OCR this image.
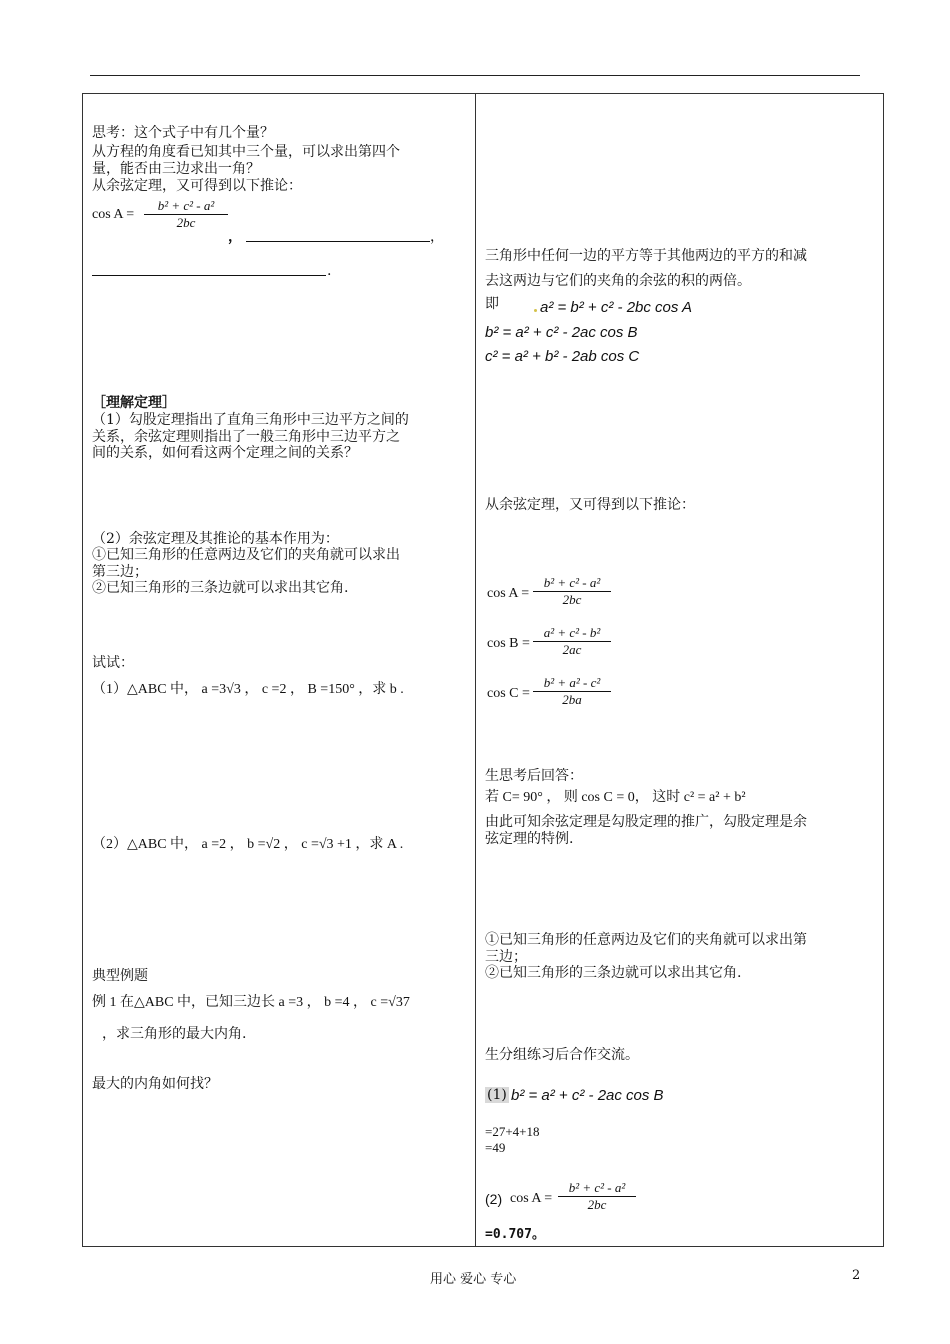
思考：这个式子中有几个量？
从方程的角度看已知其中三个量，可以求出第四个
量，能否由三边求出一角？
从余弦定理，又可得到以下推论：
cos A =
b² + c² - a²
2bc
，	，
.
［理解定理］
（1）勾股定理指出了直角三角形中三边平方之间的
关系，余弦定理则指出了一般三角形中三边平方之
间的关系，如何看这两个定理之间的关系？
（2）余弦定理及其推论的基本作用为：
①已知三角形的任意两边及它们的夹角就可以求出
第三边；
②已知三角形的三条边就可以求出其它角.
试试：
（1）△ABC 中， a =3√3 ， c =2 ， B =150° ，求 b .
（2）△ABC 中， a =2 ， b =√2 ， c =√3 +1 ，求 A .
典型例题
例 1 在△ABC 中，已知三边长 a =3 ， b =4 ， c =√37
，求三角形的最大内角.
最大的内角如何找？
三角形中任何一边的平方等于其他两边的平方的和减
去这两边与它们的夹角的余弦的积的两倍。
即	a² = b² + c² - 2bc cos A
b² = a² + c² - 2ac cos B
c² = a² + b² - 2ab cos C
从余弦定理，又可得到以下推论：
cos A =
b² + c² - a²
2bc
cos B =
a² + c² - b²
2ac
cos C =
b² + a² - c²
2ba
生思考后回答：
若 C= 90° ， 则 cos C = 0， 这时 c² = a² + b²
由此可知余弦定理是勾股定理的推广，勾股定理是余
弦定理的特例.
①已知三角形的任意两边及它们的夹角就可以求出第
三边；
②已知三角形的三条边就可以求出其它角.
生分组练习后合作交流。
(1) b² = a² + c² - 2ac cos B
=27+4+18
=49
(2) cos A =
b² + c² - a²
2bc
=0.707。
用心 爱心 专心	2
